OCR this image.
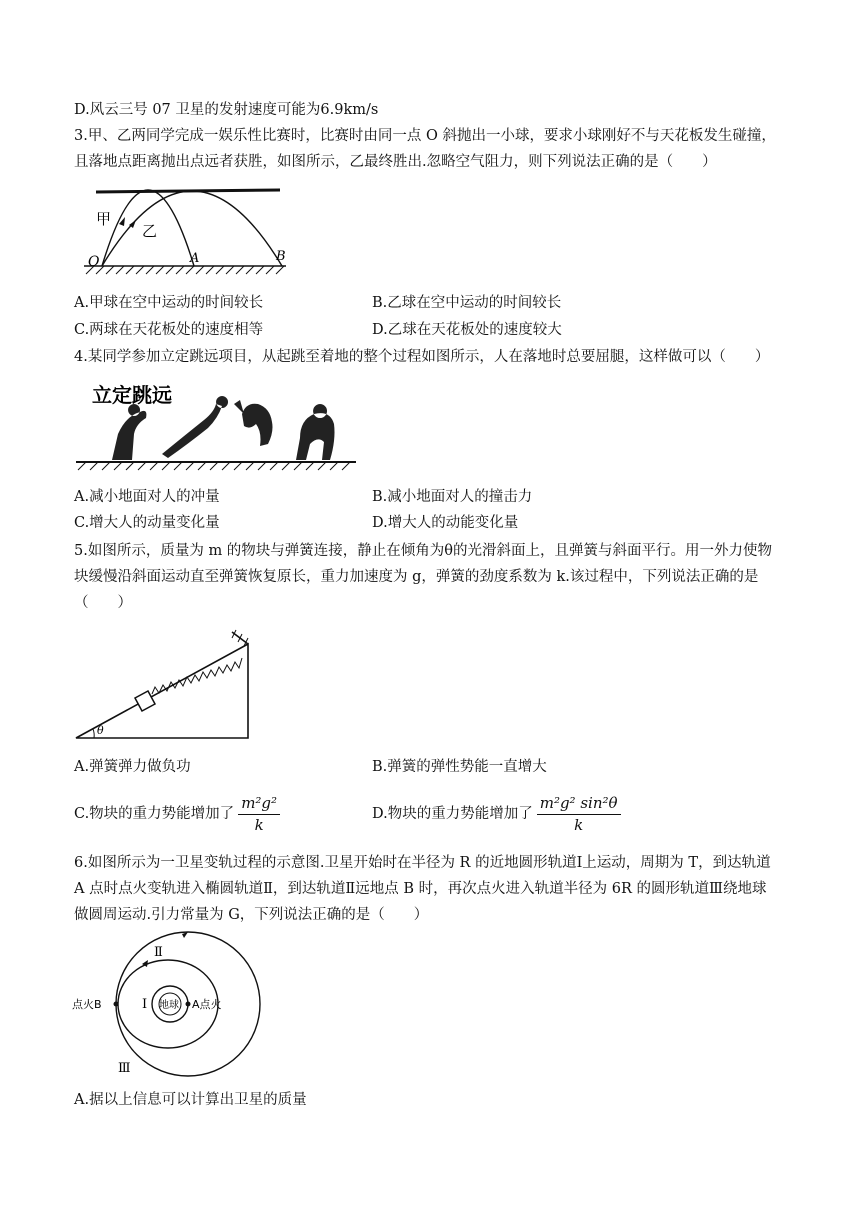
D.风云三号 07 卫星的发射速度可能为6.9km/s
3.甲、乙两同学完成一娱乐性比赛时，比赛时由同一点 O 斜抛出一小球，要求小球刚好不与天花板发生碰撞，
且落地点距离抛出点远者获胜，如图所示，乙最终胜出.忽略空气阻力，则下列说法正确的是（　　）
甲
乙
O	A	B
A.甲球在空中运动的时间较长	B.乙球在空中运动的时间较长
C.两球在天花板处的速度相等	D.乙球在天花板处的速度较大
4.某同学参加立定跳远项目，从起跳至着地的整个过程如图所示，人在落地时总要屈腿，这样做可以（　　）
立定跳远
A.减小地面对人的冲量	B.减小地面对人的撞击力
C.增大人的动量变化量	D.增大人的动能变化量
5.如图所示，质量为 m 的物块与弹簧连接，静止在倾角为θ的光滑斜面上，且弹簧与斜面平行。用一外力使物
块缓慢沿斜面运动直至弹簧恢复原长，重力加速度为 g，弹簧的劲度系数为 k.该过程中，下列说法正确的是
（　　）
θ
A.弹簧弹力做负功	B.弹簧的弹性势能一直增大
C.物块的重力势能增加了 $\frac{\text{m²g²}}{k}$	D.物块的重力势能增加了 $\frac{\text{m²g² sin²θ}}{k}$
6.如图所示为一卫星变轨过程的示意图.卫星开始时在半径为 R 的近地圆形轨道Ⅰ上运动，周期为 T，到达轨道
A 点时点火变轨进入椭圆轨道Ⅱ，到达轨道Ⅱ远地点 B 时，再次点火进入轨道半径为 6R 的圆形轨道Ⅲ绕地球
做圆周运动.引力常量为 G，下列说法正确的是（　　）
Ⅱ
Ⅰ
Ⅲ
地球
点火B	A点火
A.据以上信息可以计算出卫星的质量
